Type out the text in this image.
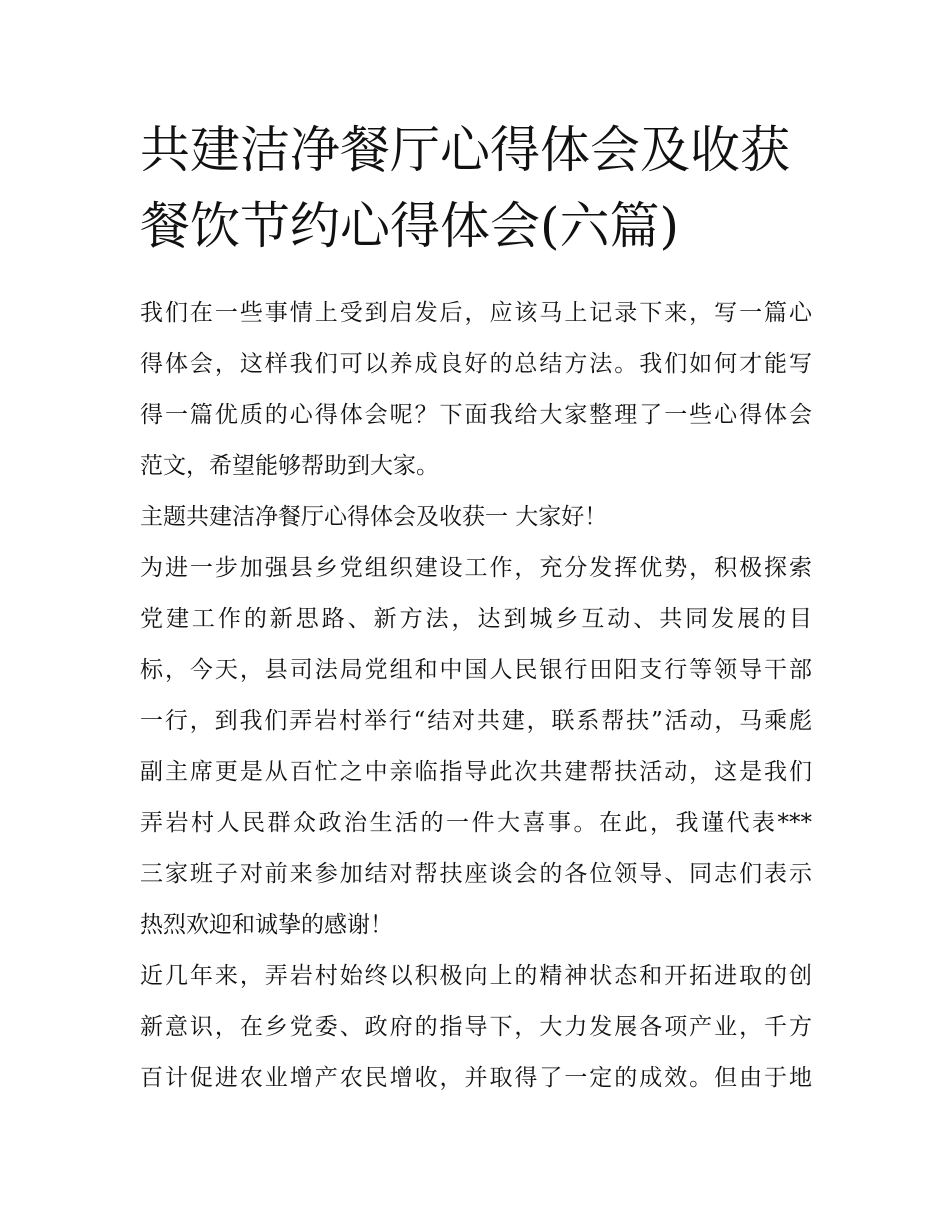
共建洁净餐厅心得体会及收获
餐饮节约心得体会(六篇)

我们在一些事情上受到启发后，应该马上记录下来，写一篇心
得体会，这样我们可以养成良好的总结方法。我们如何才能写
得一篇优质的心得体会呢？下面我给大家整理了一些心得体会
范文，希望能够帮助到大家。

主题共建洁净餐厅心得体会及收获一 大家好！

为进一步加强县乡党组织建设工作，充分发挥优势，积极探索
党建工作的新思路、新方法，达到城乡互动、共同发展的目
标，今天，县司法局党组和中国人民银行田阳支行等领导干部
一行，到我们弄岩村举行“结对共建，联系帮扶”活动，马乘彪
副主席更是从百忙之中亲临指导此次共建帮扶活动，这是我们
弄岩村人民群众政治生活的一件大喜事。在此，我谨代表***
三家班子对前来参加结对帮扶座谈会的各位领导、同志们表示
热烈欢迎和诚挚的感谢！

近几年来，弄岩村始终以积极向上的精神状态和开拓进取的创
新意识，在乡党委、政府的指导下，大力发展各项产业，千方
百计促进农业增产农民增收，并取得了一定的成效。但由于地
